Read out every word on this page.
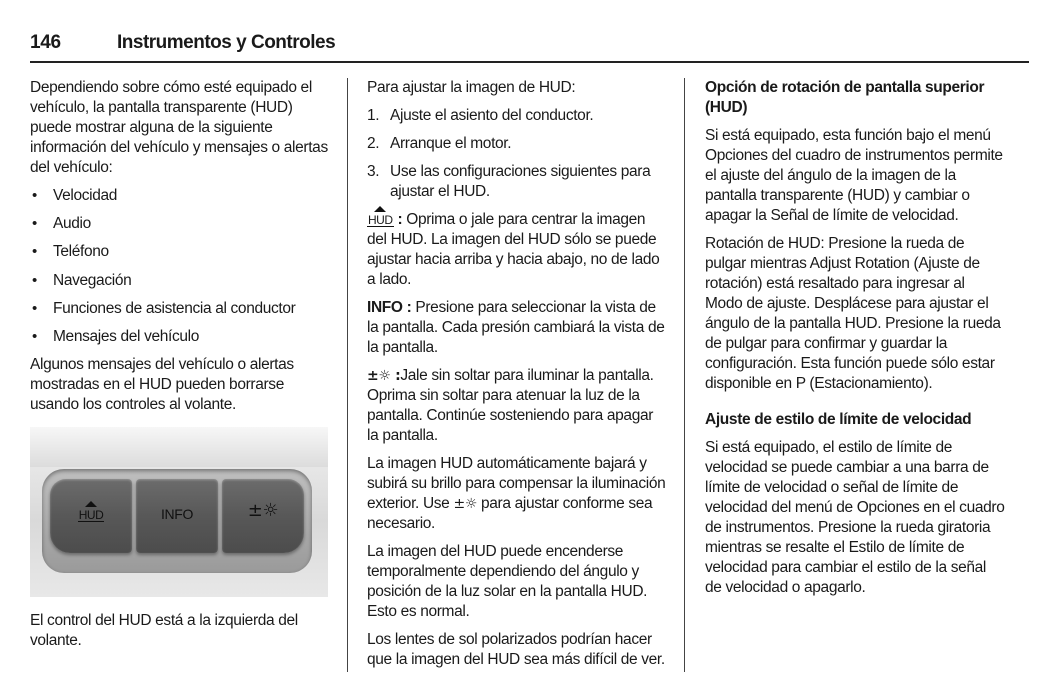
146	Instrumentos y Controles

Dependiendo sobre cómo esté equipado el vehículo, la pantalla transparente (HUD) puede mostrar alguna de la siguiente información del vehículo y mensajes o alertas del vehículo:

• Velocidad
• Audio
• Teléfono
• Navegación
• Funciones de asistencia al conductor
• Mensajes del vehículo

Algunos mensajes del vehículo o alertas mostradas en el HUD pueden borrarse usando los controles al volante.

HUD	INFO	±☼

El control del HUD está a la izquierda del volante.

Para ajustar la imagen de HUD:

1. Ajuste el asiento del conductor.
2. Arranque el motor.
3. Use las configuraciones siguientes para ajustar el HUD.

HUD : Oprima o jale para centrar la imagen del HUD. La imagen del HUD sólo se puede ajustar hacia arriba y hacia abajo, no de lado a lado.

INFO : Presione para seleccionar la vista de la pantalla. Cada presión cambiará la vista de la pantalla.

±☼ :Jale sin soltar para iluminar la pantalla. Oprima sin soltar para atenuar la luz de la pantalla. Continúe sosteniendo para apagar la pantalla.

La imagen HUD automáticamente bajará y subirá su brillo para compensar la iluminación exterior. Use ±☼ para ajustar conforme sea necesario.

La imagen del HUD puede encenderse temporalmente dependiendo del ángulo y posición de la luz solar en la pantalla HUD. Esto es normal.

Los lentes de sol polarizados podrían hacer que la imagen del HUD sea más difícil de ver.

Opción de rotación de pantalla superior (HUD)

Si está equipado, esta función bajo el menú Opciones del cuadro de instrumentos permite el ajuste del ángulo de la imagen de la pantalla transparente (HUD) y cambiar o apagar la Señal de límite de velocidad.

Rotación de HUD: Presione la rueda de pulgar mientras Adjust Rotation (Ajuste de rotación) está resaltado para ingresar al Modo de ajuste. Desplácese para ajustar el ángulo de la pantalla HUD. Presione la rueda de pulgar para confirmar y guardar la configuración. Esta función puede sólo estar disponible en P (Estacionamiento).

Ajuste de estilo de límite de velocidad

Si está equipado, el estilo de límite de velocidad se puede cambiar a una barra de límite de velocidad o señal de límite de velocidad del menú de Opciones en el cuadro de instrumentos. Presione la rueda giratoria mientras se resalte el Estilo de límite de velocidad para cambiar el estilo de la señal de velocidad o apagarlo.
